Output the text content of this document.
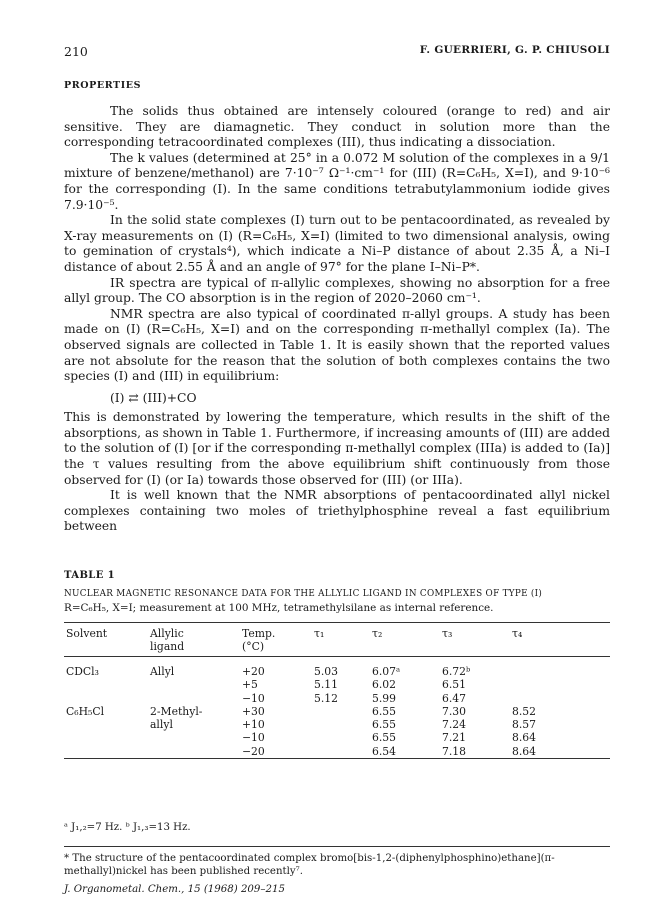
210	F. GUERRIERI, G. P. CHIUSOLI
PROPERTIES

The solids thus obtained are intensely coloured (orange to red) and air sensitive. They are diamagnetic. They conduct in solution more than the corresponding tetracoordinated complexes (III), thus indicating a dissociation.

The k values (determined at 25° in a 0.072 M solution of the complexes in a 9/1 mixture of benzene/methanol) are 7·10⁻⁷ Ω⁻¹·cm⁻¹ for (III) (R=C₆H₅, X=I), and 9·10⁻⁶ for the corresponding (I). In the same conditions tetrabutylammonium iodide gives 7.9·10⁻⁵.

In the solid state complexes (I) turn out to be pentacoordinated, as revealed by X-ray measurements on (I) (R=C₆H₅, X=I) (limited to two dimensional analysis, owing to gemination of crystals⁴), which indicate a Ni–P distance of about 2.35 Å, a Ni–I distance of about 2.55 Å and an angle of 97° for the plane I–Ni–P*.

IR spectra are typical of π-allylic complexes, showing no absorption for a free allyl group. The CO absorption is in the region of 2020–2060 cm⁻¹.

NMR spectra are also typical of coordinated π-allyl groups. A study has been made on (I) (R=C₆H₅, X=I) and on the corresponding π-methallyl complex (Ia). The observed signals are collected in Table 1. It is easily shown that the reported values are not absolute for the reason that the solution of both complexes contains the two species (I) and (III) in equilibrium:

(I) ⇄ (III)+CO

This is demonstrated by lowering the temperature, which results in the shift of the absorptions, as shown in Table 1. Furthermore, if increasing amounts of (III) are added to the solution of (I) [or if the corresponding π-methallyl complex (IIIa) is added to (Ia)] the τ values resulting from the above equilibrium shift continuously from those observed for (I) (or Ia) towards those observed for (III) (or IIIa).

It is well known that the NMR absorptions of pentacoordinated allyl nickel complexes containing two moles of triethylphosphine reveal a fast equilibrium between

TABLE 1
NUCLEAR MAGNETIC RESONANCE DATA FOR THE ALLYLIC LIGAND IN COMPLEXES OF TYPE (I)
R=C₆H₅, X=I; measurement at 100 MHz, tetramethylsilane as internal reference.
Solvent	Allylic
ligand	Temp.
(°C)	τ₁	τ₂	τ₃	τ₄
CDCl₃	Allyl	+20	5.03	6.07ᵃ	6.72ᵇ	
		+5	5.11	6.02	6.51	
		−10	5.12	5.99	6.47	
C₆H₅Cl	2-Methyl-	+30		6.55	7.30	8.52
	allyl	+10		6.55	7.24	8.57
		−10		6.55	7.21	8.64
		−20		6.54	7.18	8.64
ᵃ J₁,₂=7 Hz. ᵇ J₁,₃=13 Hz.
* The structure of the pentacoordinated complex bromo[bis-1,2-(diphenylphosphino)ethane](π-methallyl)nickel has been published recently⁷.
J. Organometal. Chem., 15 (1968) 209–215
